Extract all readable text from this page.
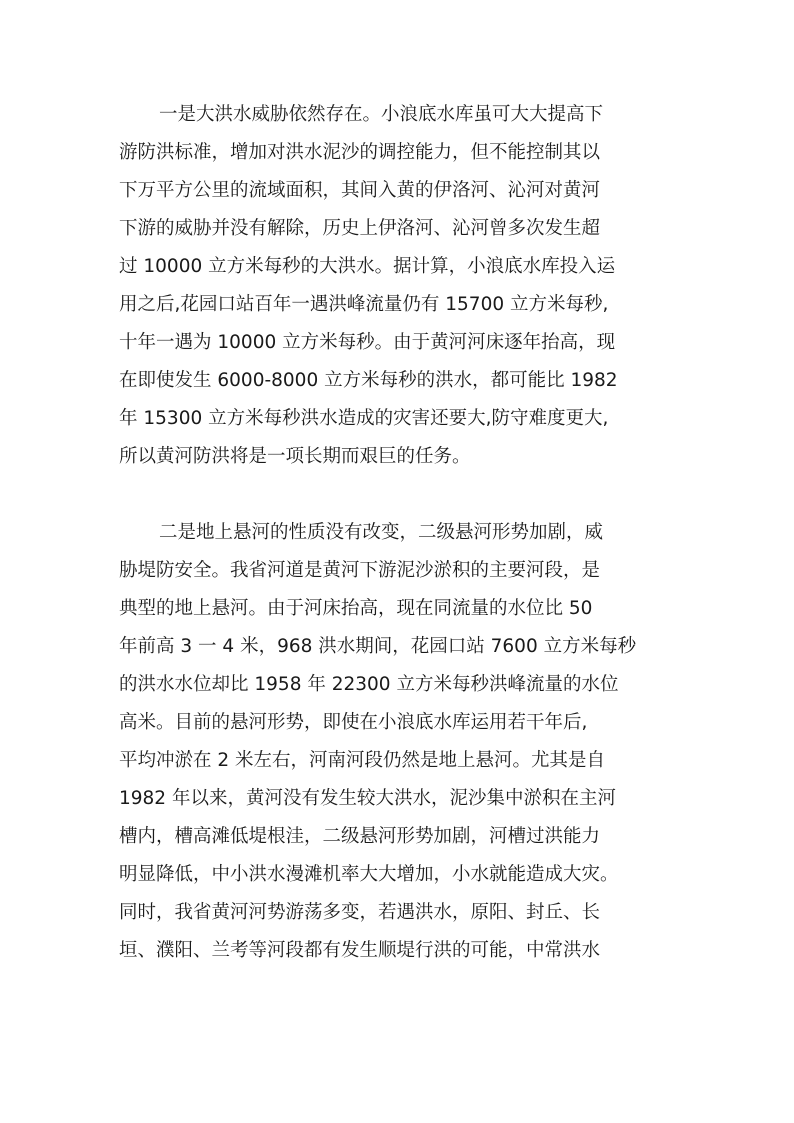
一是大洪水威胁依然存在。小浪底水库虽可大大提高下
游防洪标准，增加对洪水泥沙的调控能力，但不能控制其以
下万平方公里的流域面积，其间入黄的伊洛河、沁河对黄河
下游的威胁并没有解除，历史上伊洛河、沁河曾多次发生超
过 10000 立方米每秒的大洪水。据计算，小浪底水库投入运
用之后,花园口站百年一遇洪峰流量仍有 15700 立方米每秒,
十年一遇为 10000 立方米每秒。由于黄河河床逐年抬高，现
在即使发生 6000-8000 立方米每秒的洪水，都可能比 1982
年 15300 立方米每秒洪水造成的灾害还要大,防守难度更大,
所以黄河防洪将是一项长期而艰巨的任务。
二是地上悬河的性质没有改变，二级悬河形势加剧，威
胁堤防安全。我省河道是黄河下游泥沙淤积的主要河段，是
典型的地上悬河。由于河床抬高，现在同流量的水位比 50
年前高 3 一 4 米，968 洪水期间，花园口站 7600 立方米每秒
的洪水水位却比 1958 年 22300 立方米每秒洪峰流量的水位
高米。目前的悬河形势，即使在小浪底水库运用若干年后,
平均冲淤在 2 米左右，河南河段仍然是地上悬河。尤其是自
1982 年以来，黄河没有发生较大洪水，泥沙集中淤积在主河
槽内，槽高滩低堤根洼，二级悬河形势加剧，河槽过洪能力
明显降低，中小洪水漫滩机率大大增加，小水就能造成大灾。
同时，我省黄河河势游荡多变，若遇洪水，原阳、封丘、长
垣、濮阳、兰考等河段都有发生顺堤行洪的可能，中常洪水
